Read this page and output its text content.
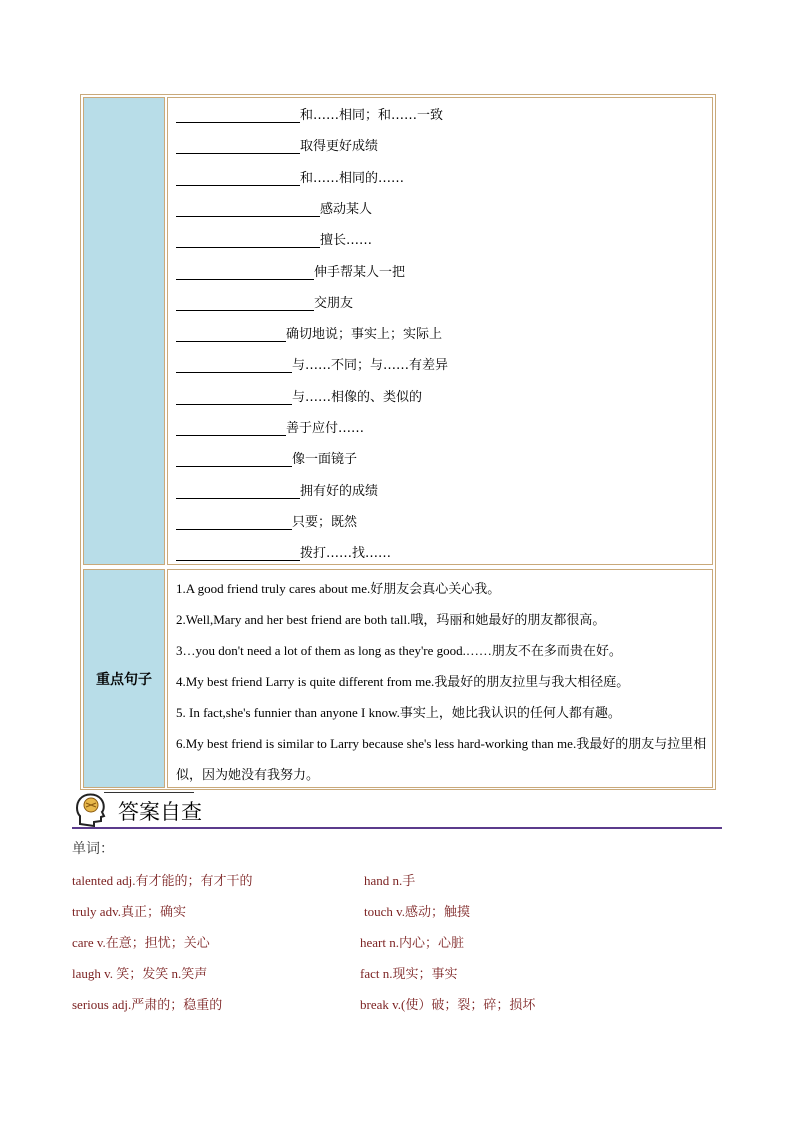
和……相同；和……一致
取得更好成绩
和……相同的……
感动某人
擅长……
伸手帮某人一把
交朋友
确切地说；事实上；实际上
与……不同；与……有差异
与……相像的、类似的
善于应付……
像一面镜子
拥有好的成绩
只要；既然
拨打……找……
重点句子
1.A good friend truly cares about me.好朋友会真心关心我。
2.Well,Mary and her best friend are both tall.哦，玛丽和她最好的朋友都很高。
3…you don't need a lot of them as long as they're good.……朋友不在多而贵在好。
4.My best friend Larry is quite different from me.我最好的朋友拉里与我大相径庭。
5. In fact,she's funnier than anyone I know.事实上，她比我认识的任何人都有趣。
6.My best friend is similar to Larry because she's less hard-working than me.我最好的朋友与拉里相似，因为她没有我努力。
答案自查
单词：
talented adj.有才能的；有才干的	hand n.手
truly adv.真正；确实	touch v.感动；触摸
care v.在意；担忧；关心	heart n.内心；心脏
laugh v. 笑；发笑 n.笑声	fact n.现实；事实
serious adj.严肃的；稳重的	break v.(使）破；裂；碎；损坏
